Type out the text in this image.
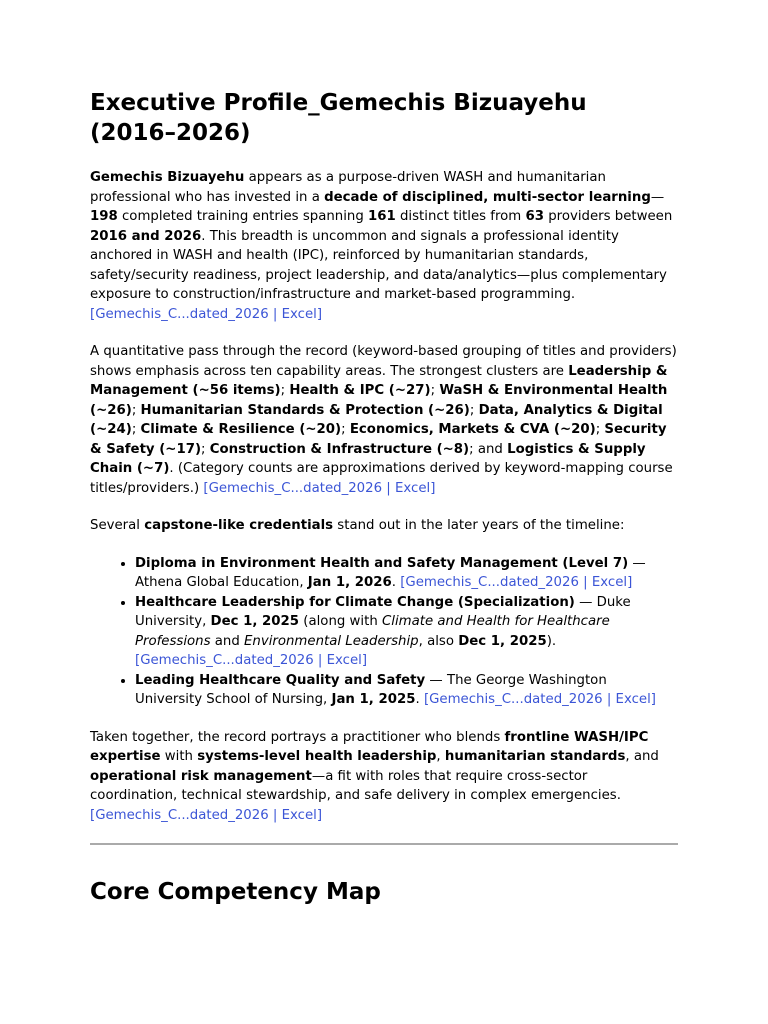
Executive Profile_Gemechis Bizuayehu (2016–2026)

Gemechis Bizuayehu appears as a purpose-driven WASH and humanitarian professional who has invested in a decade of disciplined, multi-sector learning— 198 completed training entries spanning 161 distinct titles from 63 providers between 2016 and 2026. This breadth is uncommon and signals a professional identity anchored in WASH and health (IPC), reinforced by humanitarian standards, safety/security readiness, project leadership, and data/analytics—plus complementary exposure to construction/infrastructure and market-based programming.
[Gemechis_C...dated_2026 | Excel]

A quantitative pass through the record (keyword-based grouping of titles and providers) shows emphasis across ten capability areas. The strongest clusters are Leadership & Management (~56 items); Health & IPC (~27); WaSH & Environmental Health (~26); Humanitarian Standards & Protection (~26); Data, Analytics & Digital (~24); Climate & Resilience (~20); Economics, Markets & CVA (~20); Security & Safety (~17); Construction & Infrastructure (~8); and Logistics & Supply Chain (~7). (Category counts are approximations derived by keyword-mapping course titles/providers.) [Gemechis_C...dated_2026 | Excel]

Several capstone-like credentials stand out in the later years of the timeline:

• Diploma in Environment Health and Safety Management (Level 7) — Athena Global Education, Jan 1, 2026. [Gemechis_C...dated_2026 | Excel]
• Healthcare Leadership for Climate Change (Specialization) — Duke University, Dec 1, 2025 (along with Climate and Health for Healthcare Professions and Environmental Leadership, also Dec 1, 2025).
[Gemechis_C...dated_2026 | Excel]
• Leading Healthcare Quality and Safety — The George Washington University School of Nursing, Jan 1, 2025. [Gemechis_C...dated_2026 | Excel]

Taken together, the record portrays a practitioner who blends frontline WASH/IPC expertise with systems-level health leadership, humanitarian standards, and operational risk management—a fit with roles that require cross-sector coordination, technical stewardship, and safe delivery in complex emergencies.
[Gemechis_C...dated_2026 | Excel]

Core Competency Map
